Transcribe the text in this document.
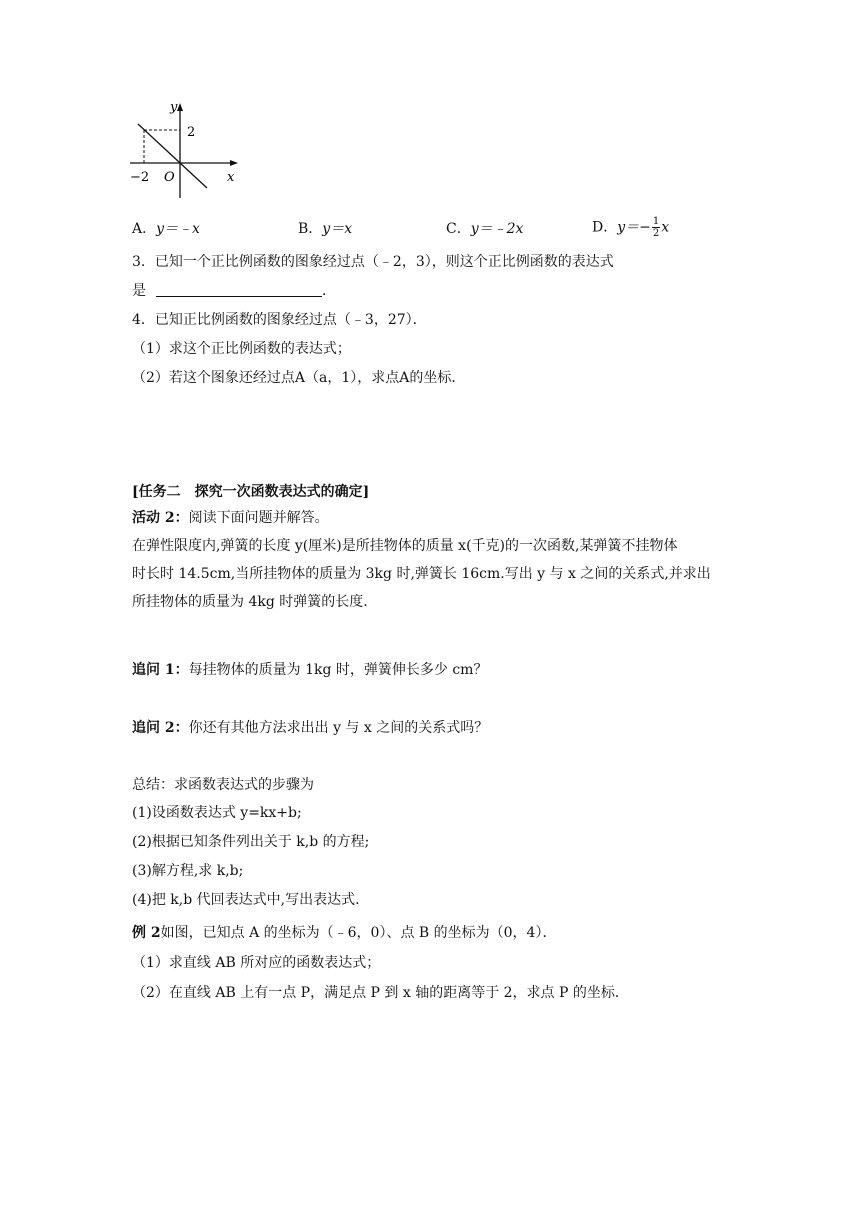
y
2
−2 O	x
A．y＝﹣x	B．y＝x	C．y＝﹣2x	D．$y=- \frac{1}{2}$ x
3．已知一个正比例函数的图象经过点（﹣2，3），则这个正比例函数的表达式
是	．
4．已知正比例函数的图象经过点（﹣3，27）．
（1）求这个正比例函数的表达式；
（2）若这个图象还经过点A（a，1），求点A的坐标．
[任务二　探究一次函数表达式的确定]
活动 2：阅读下面问题并解答。
在弹性限度内,弹簧的长度 y(厘米)是所挂物体的质量 x(千克)的一次函数,某弹簧不挂物体
时长时 14.5cm,当所挂物体的质量为 3kg 时,弹簧长 16cm.写出 y 与 x 之间的关系式,并求出
所挂物体的质量为 4kg 时弹簧的长度.
追问 1：每挂物体的质量为 1kg 时，弹簧伸长多少 cm？
追问 2：你还有其他方法求出出 y 与 x 之间的关系式吗？
总结：求函数表达式的步骤为
(1)设函数表达式 y=kx+b;
(2)根据已知条件列出关于 k,b 的方程;
(3)解方程,求 k,b;
(4)把 k,b 代回表达式中,写出表达式.
例 2如图，已知点 A 的坐标为（﹣6，0）、点 B 的坐标为（0，4）．
（1）求直线 AB 所对应的函数表达式；
（2）在直线 AB 上有一点 P，满足点 P 到 x 轴的距离等于 2，求点 P 的坐标．
